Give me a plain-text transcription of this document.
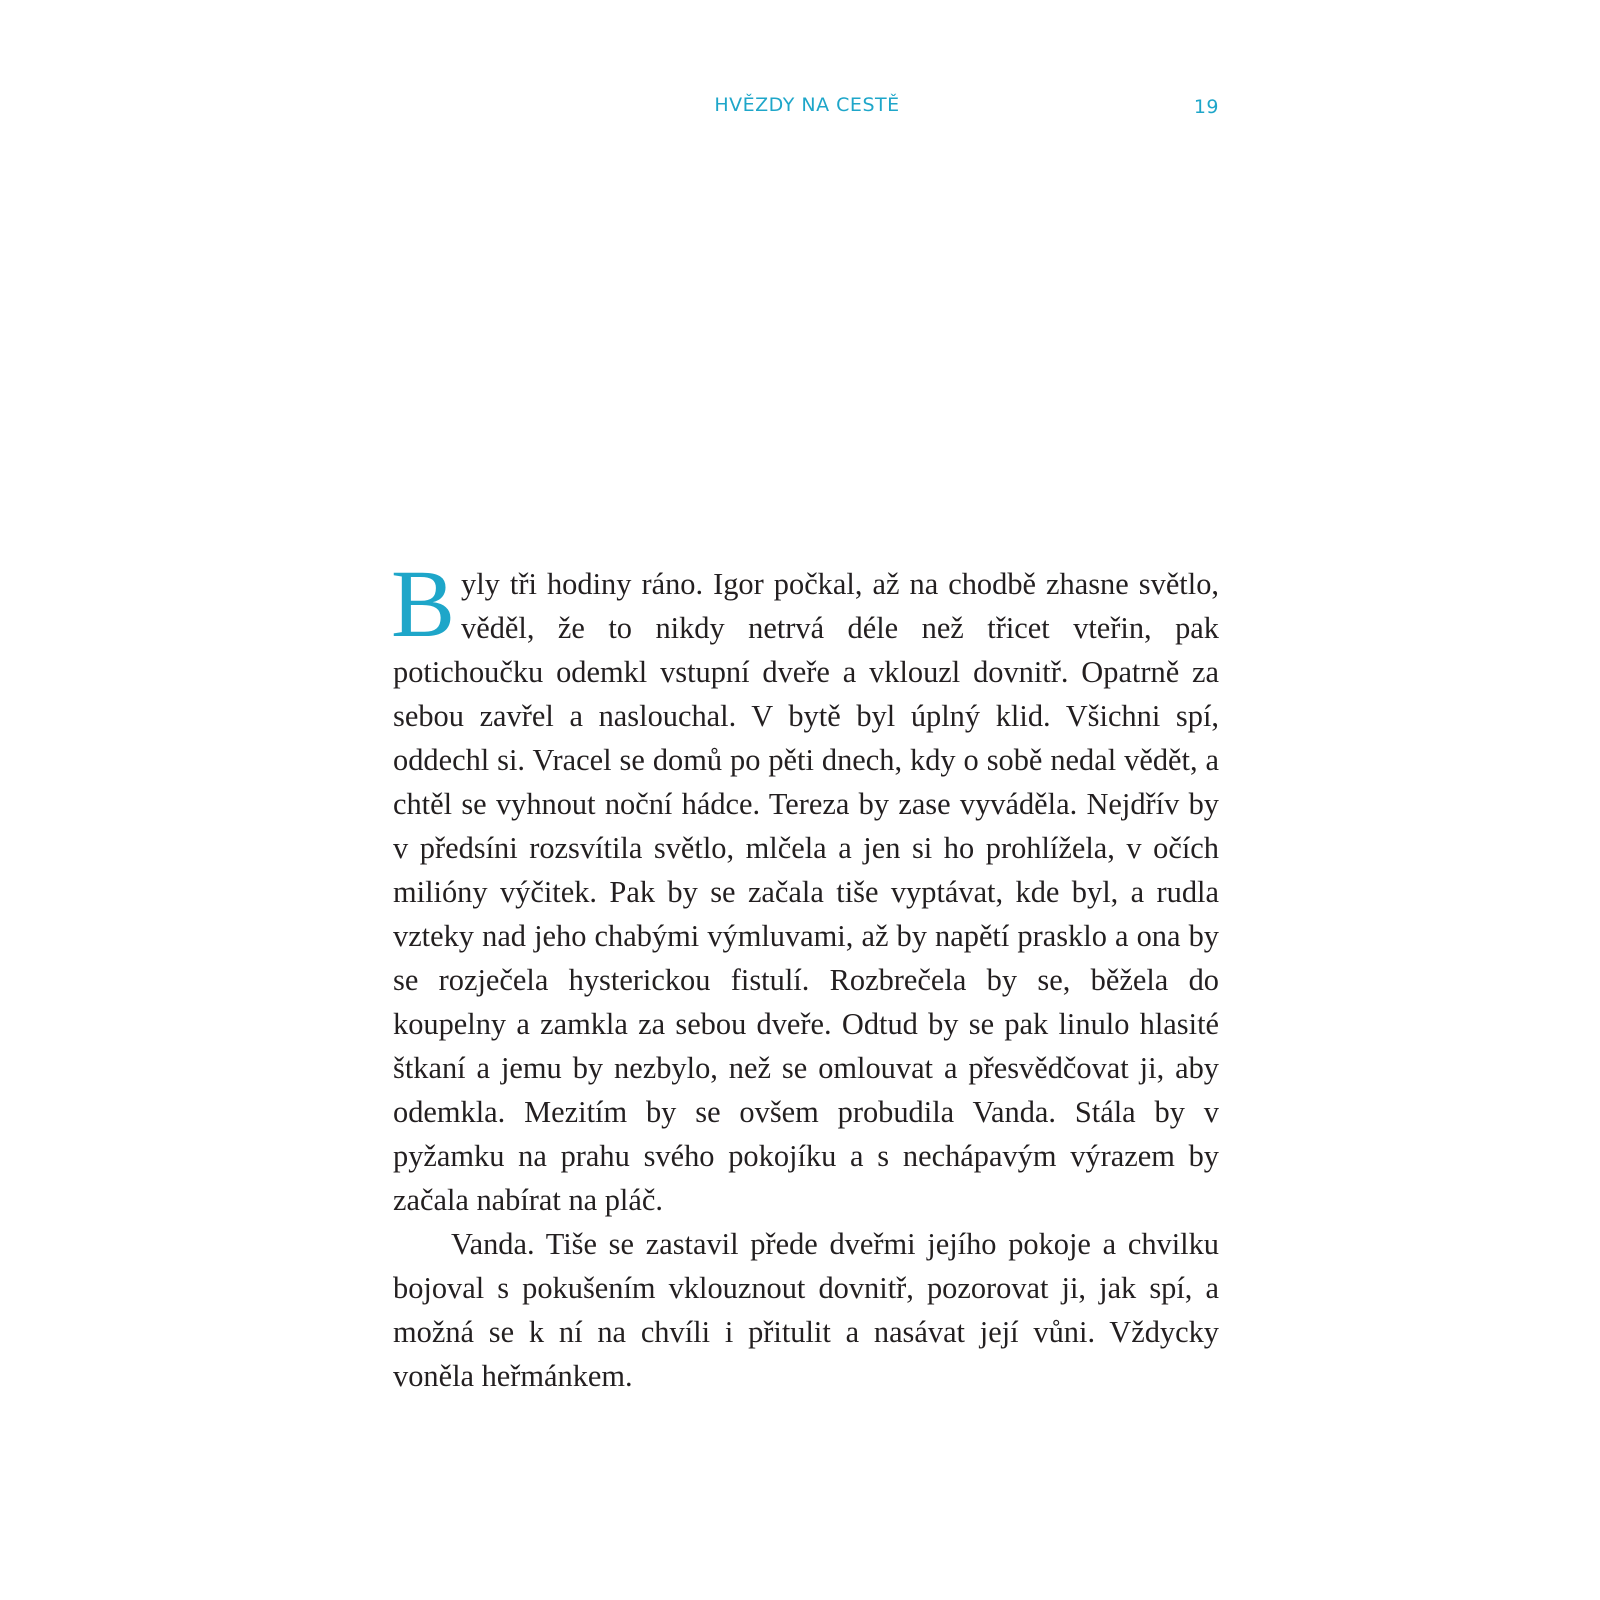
HVĚZDY NA CESTĚ	19
2

Byly tři hodiny ráno. Igor počkal, až na chodbě zhasne světlo, věděl, že to nikdy netrvá déle než třicet vteřin, pak potichoučku odemkl vstupní dveře a vklouzl dovnitř. Opatrně za sebou zavřel a naslouchal. V bytě byl úplný klid. Všichni spí, oddechl si. Vracel se domů po pěti dnech, kdy o sobě nedal vědět, a chtěl se vyhnout noční hádce. Tereza by zase vyváděla. Nejdřív by v předsíni rozsvítila světlo, mlčela a jen si ho prohlížela, v očích milióny výčitek. Pak by se začala tiše vyptávat, kde byl, a rudla vzteky nad jeho chabými výmluvami, až by napětí prasklo a ona by se rozječela hysterickou fistulí. Rozbrečela by se, běžela do koupelny a zamkla za sebou dveře. Odtud by se pak linulo hlasité štkaní a jemu by nezbylo, než se omlouvat a přesvědčovat ji, aby odemkla. Mezitím by se ovšem probudila Vanda. Stála by v pyžamku na prahu svého pokojíku a s nechápavým výrazem by začala nabírat na pláč.

Vanda. Tiše se zastavil přede dveřmi jejího pokoje a chvilku bojoval s pokušením vklouznout dovnitř, pozorovat ji, jak spí, a možná se k ní na chvíli i přitulit a nasávat její vůni. Vždycky voněla heřmánkem.
